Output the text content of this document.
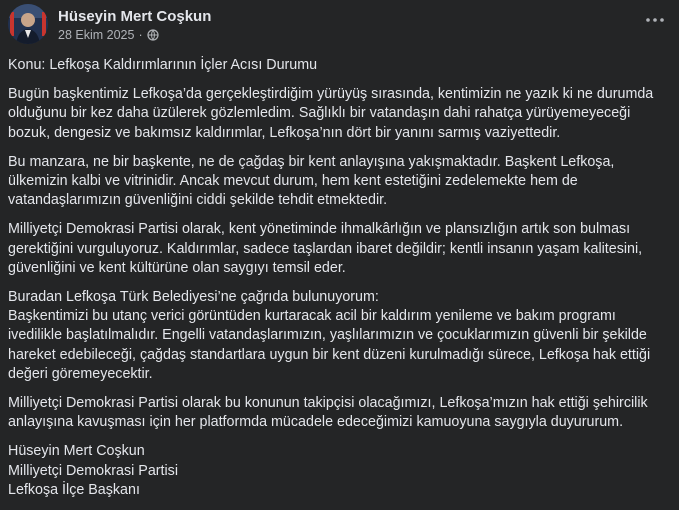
Hüseyin Mert Coşkun
28 Ekim 2025 ·

Konu: Lefkoşa Kaldırımlarının İçler Acısı Durumu

Bugün başkentimiz Lefkoşa’da gerçekleştirdiğim yürüyüş sırasında, kentimizin ne yazık ki ne durumda
olduğunu bir kez daha üzülerek gözlemledim. Sağlıklı bir vatandaşın dahi rahatça yürüyemeyeceği
bozuk, dengesiz ve bakımsız kaldırımlar, Lefkoşa’nın dört bir yanını sarmış vaziyettedir.

Bu manzara, ne bir başkente, ne de çağdaş bir kent anlayışına yakışmaktadır. Başkent Lefkoşa,
ülkemizin kalbi ve vitrinidir. Ancak mevcut durum, hem kent estetiğini zedelemekte hem de
vatandaşlarımızın güvenliğini ciddi şekilde tehdit etmektedir.

Milliyetçi Demokrasi Partisi olarak, kent yönetiminde ihmalkârlığın ve plansızlığın artık son bulması
gerektiğini vurguluyoruz. Kaldırımlar, sadece taşlardan ibaret değildir; kentli insanın yaşam kalitesini,
güvenliğini ve kent kültürüne olan saygıyı temsil eder.

Buradan Lefkoşa Türk Belediyesi’ne çağrıda bulunuyorum:
Başkentimizi bu utanç verici görüntüden kurtaracak acil bir kaldırım yenileme ve bakım programı
ivedilikle başlatılmalıdır. Engelli vatandaşlarımızın, yaşlılarımızın ve çocuklarımızın güvenli bir şekilde
hareket edebileceği, çağdaş standartlara uygun bir kent düzeni kurulmadığı sürece, Lefkoşa hak ettiği
değeri göremeyecektir.

Milliyetçi Demokrasi Partisi olarak bu konunun takipçisi olacağımızı, Lefkoşa’mızın hak ettiği şehircilik
anlayışına kavuşması için her platformda mücadele edeceğimizi kamuoyuna saygıyla duyururum.

Hüseyin Mert Coşkun
Milliyetçi Demokrasi Partisi
Lefkoşa İlçe Başkanı
